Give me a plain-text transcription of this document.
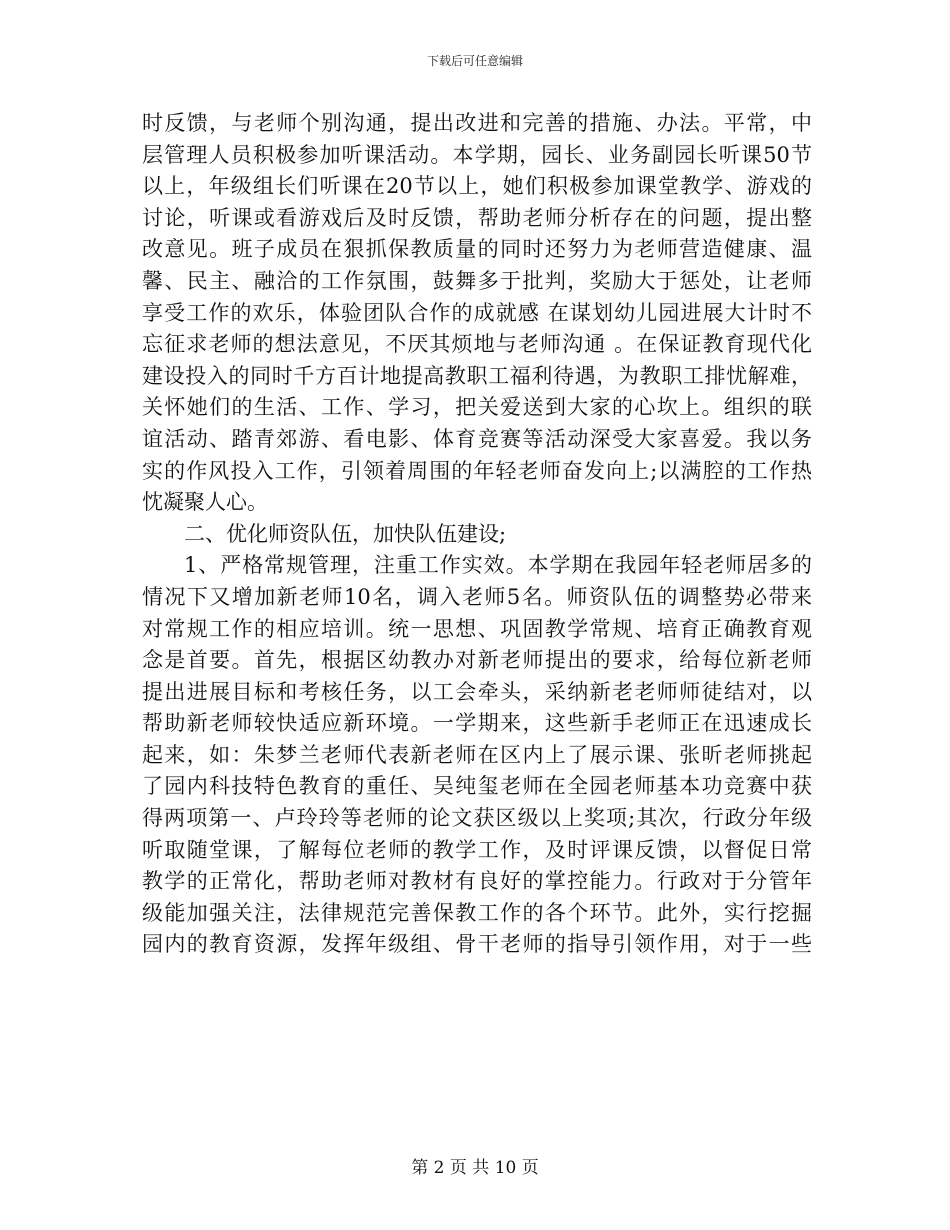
下载后可任意编辑
时反馈，与老师个别沟通，提出改进和完善的措施、办法。平常，中
层管理人员积极参加听课活动。本学期，园长、业务副园长听课50节
以上，年级组长们听课在20节以上，她们积极参加课堂教学、游戏的
讨论，听课或看游戏后及时反馈，帮助老师分析存在的问题，提出整
改意见。班子成员在狠抓保教质量的同时还努力为老师营造健康、温
馨、民主、融洽的工作氛围，鼓舞多于批判，奖励大于惩处，让老师
享受工作的欢乐，体验团队合作的成就感 在谋划幼儿园进展大计时不
忘征求老师的想法意见，不厌其烦地与老师沟通 。在保证教育现代化
建设投入的同时千方百计地提高教职工福利待遇，为教职工排忧解难，
关怀她们的生活、工作、学习，把关爱送到大家的心坎上。组织的联
谊活动、踏青郊游、看电影、体育竞赛等活动深受大家喜爱。我以务
实的作风投入工作，引领着周围的年轻老师奋发向上;以满腔的工作热
忱凝聚人心。
二、优化师资队伍，加快队伍建设;
1、严格常规管理，注重工作实效。本学期在我园年轻老师居多的
情况下又增加新老师10名，调入老师5名。师资队伍的调整势必带来
对常规工作的相应培训。统一思想、巩固教学常规、培育正确教育观
念是首要。首先，根据区幼教办对新老师提出的要求，给每位新老师
提出进展目标和考核任务，以工会牵头，采纳新老老师师徒结对，以
帮助新老师较快适应新环境。一学期来，这些新手老师正在迅速成长
起来，如：朱梦兰老师代表新老师在区内上了展示课、张昕老师挑起
了园内科技特色教育的重任、吴纯玺老师在全园老师基本功竞赛中获
得两项第一、卢玲玲等老师的论文获区级以上奖项;其次，行政分年级
听取随堂课，了解每位老师的教学工作，及时评课反馈，以督促日常
教学的正常化，帮助老师对教材有良好的掌控能力。行政对于分管年
级能加强关注，法律规范完善保教工作的各个环节。此外，实行挖掘
园内的教育资源，发挥年级组、骨干老师的指导引领作用，对于一些
第 2 页 共 10 页
